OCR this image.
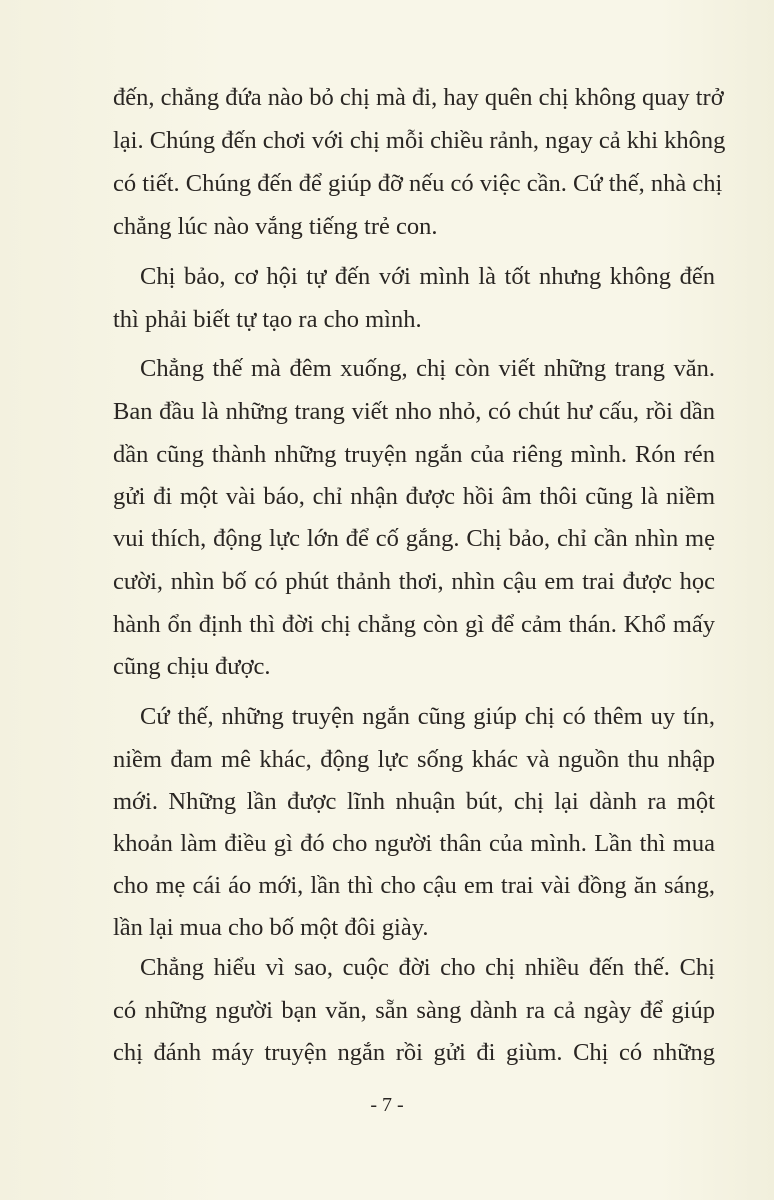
đến, chẳng đứa nào bỏ chị mà đi, hay quên chị không quay trở
lại. Chúng đến chơi với chị mỗi chiều rảnh, ngay cả khi không
có tiết. Chúng đến để giúp đỡ nếu có việc cần. Cứ thế, nhà chị
chẳng lúc nào vắng tiếng trẻ con.
Chị bảo, cơ hội tự đến với mình là tốt nhưng không đến
thì phải biết tự tạo ra cho mình.
Chẳng thế mà đêm xuống, chị còn viết những trang văn.
Ban đầu là những trang viết nho nhỏ, có chút hư cấu, rồi dần
dần cũng thành những truyện ngắn của riêng mình. Rón rén
gửi đi một vài báo, chỉ nhận được hồi âm thôi cũng là niềm
vui thích, động lực lớn để cố gắng. Chị bảo, chỉ cần nhìn mẹ
cười, nhìn bố có phút thảnh thơi, nhìn cậu em trai được học
hành ổn định thì đời chị chẳng còn gì để cảm thán. Khổ mấy
cũng chịu được.
Cứ thế, những truyện ngắn cũng giúp chị có thêm uy tín,
niềm đam mê khác, động lực sống khác và nguồn thu nhập
mới. Những lần được lĩnh nhuận bút, chị lại dành ra một
khoản làm điều gì đó cho người thân của mình. Lần thì mua
cho mẹ cái áo mới, lần thì cho cậu em trai vài đồng ăn sáng,
lần lại mua cho bố một đôi giày.
Chẳng hiểu vì sao, cuộc đời cho chị nhiều đến thế. Chị
có những người bạn văn, sẵn sàng dành ra cả ngày để giúp
chị đánh máy truyện ngắn rồi gửi đi giùm. Chị có những
- 7 -
